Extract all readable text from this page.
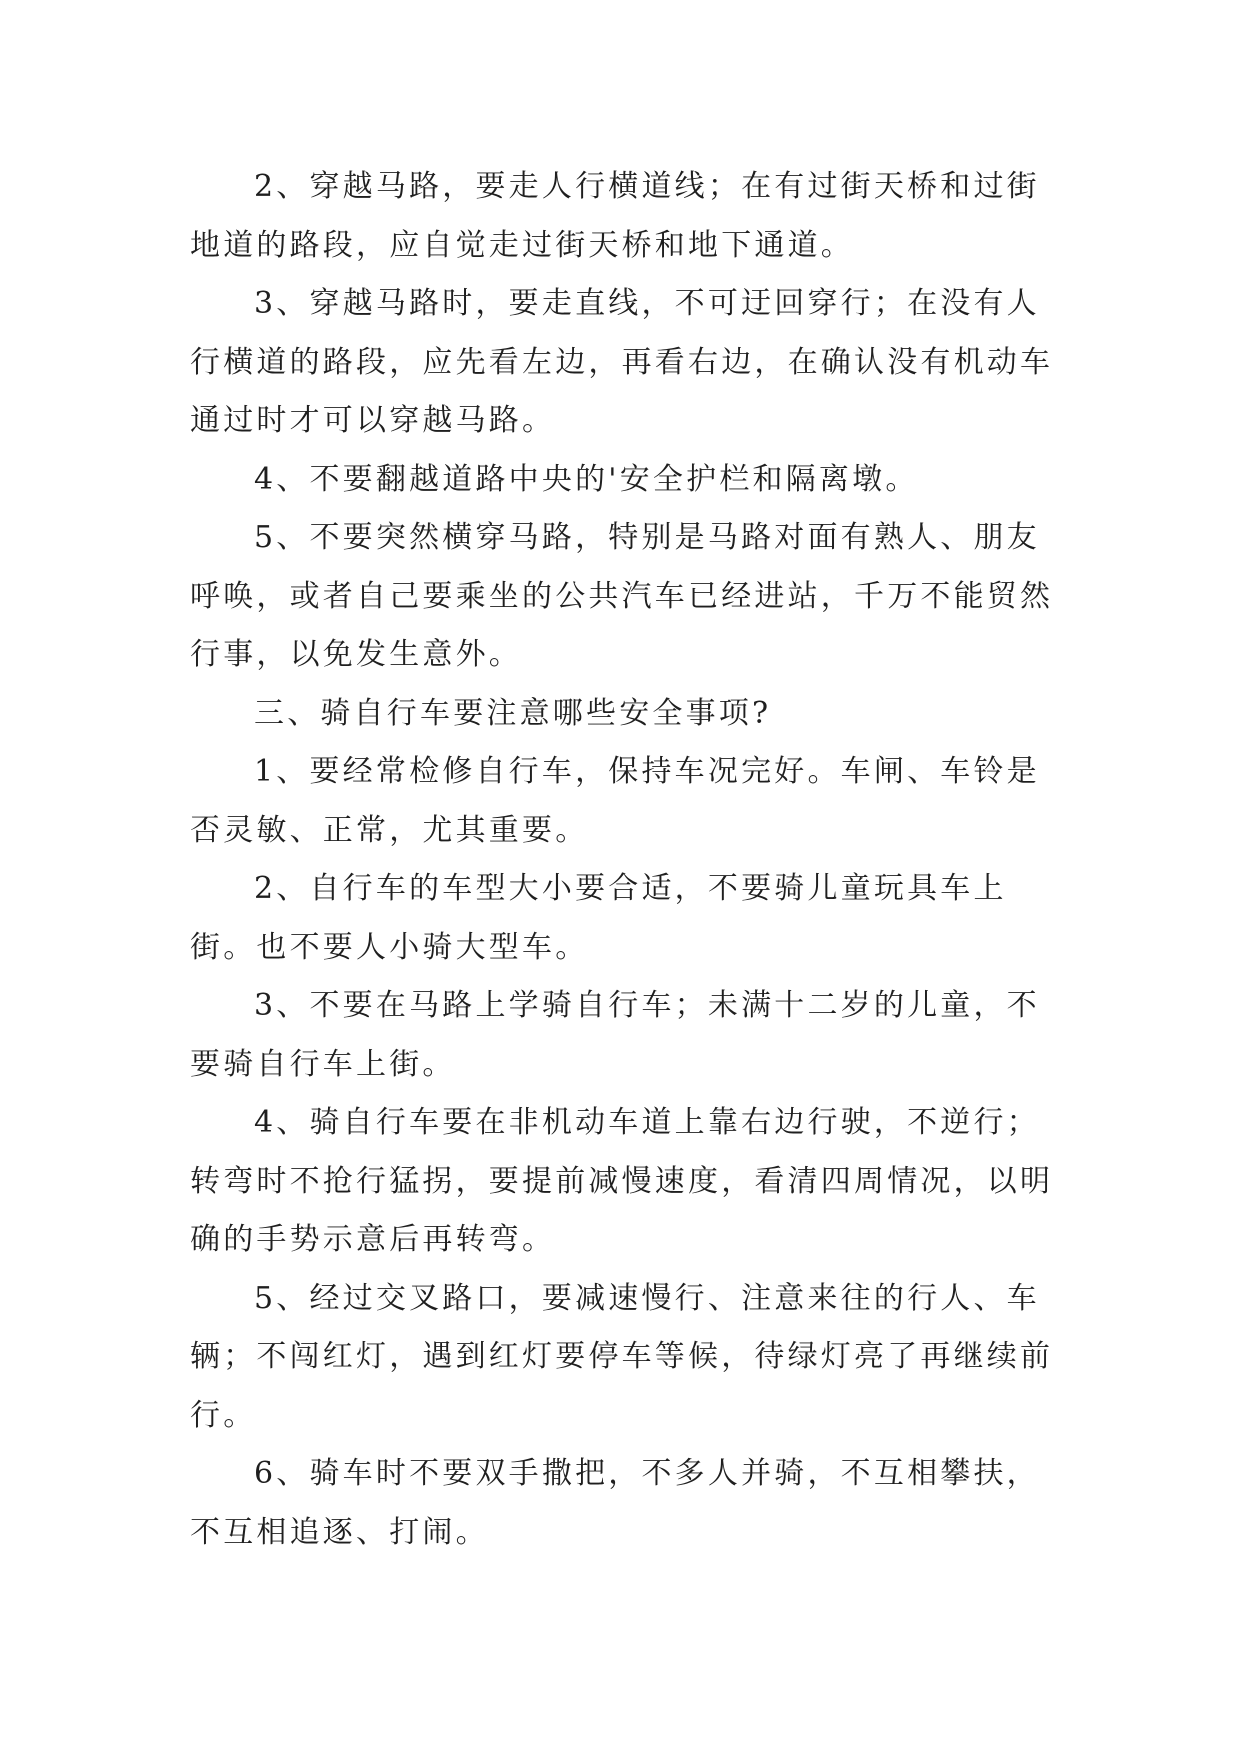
2、穿越马路，要走人行横道线；在有过街天桥和过街地道的路段，应自觉走过街天桥和地下通道。

3、穿越马路时，要走直线，不可迂回穿行；在没有人行横道的路段，应先看左边，再看右边，在确认没有机动车通过时才可以穿越马路。

4、不要翻越道路中央的'安全护栏和隔离墩。

5、不要突然横穿马路，特别是马路对面有熟人、朋友呼唤，或者自己要乘坐的公共汽车已经进站，千万不能贸然行事，以免发生意外。

三、骑自行车要注意哪些安全事项?

1、要经常检修自行车，保持车况完好。车闸、车铃是否灵敏、正常，尤其重要。

2、自行车的车型大小要合适，不要骑儿童玩具车上街。也不要人小骑大型车。

3、不要在马路上学骑自行车；未满十二岁的儿童，不要骑自行车上街。

4、骑自行车要在非机动车道上靠右边行驶，不逆行；转弯时不抢行猛拐，要提前减慢速度，看清四周情况，以明确的手势示意后再转弯。

5、经过交叉路口，要减速慢行、注意来往的行人、车辆；不闯红灯，遇到红灯要停车等候，待绿灯亮了再继续前行。

6、骑车时不要双手撒把，不多人并骑，不互相攀扶，不互相追逐、打闹。
